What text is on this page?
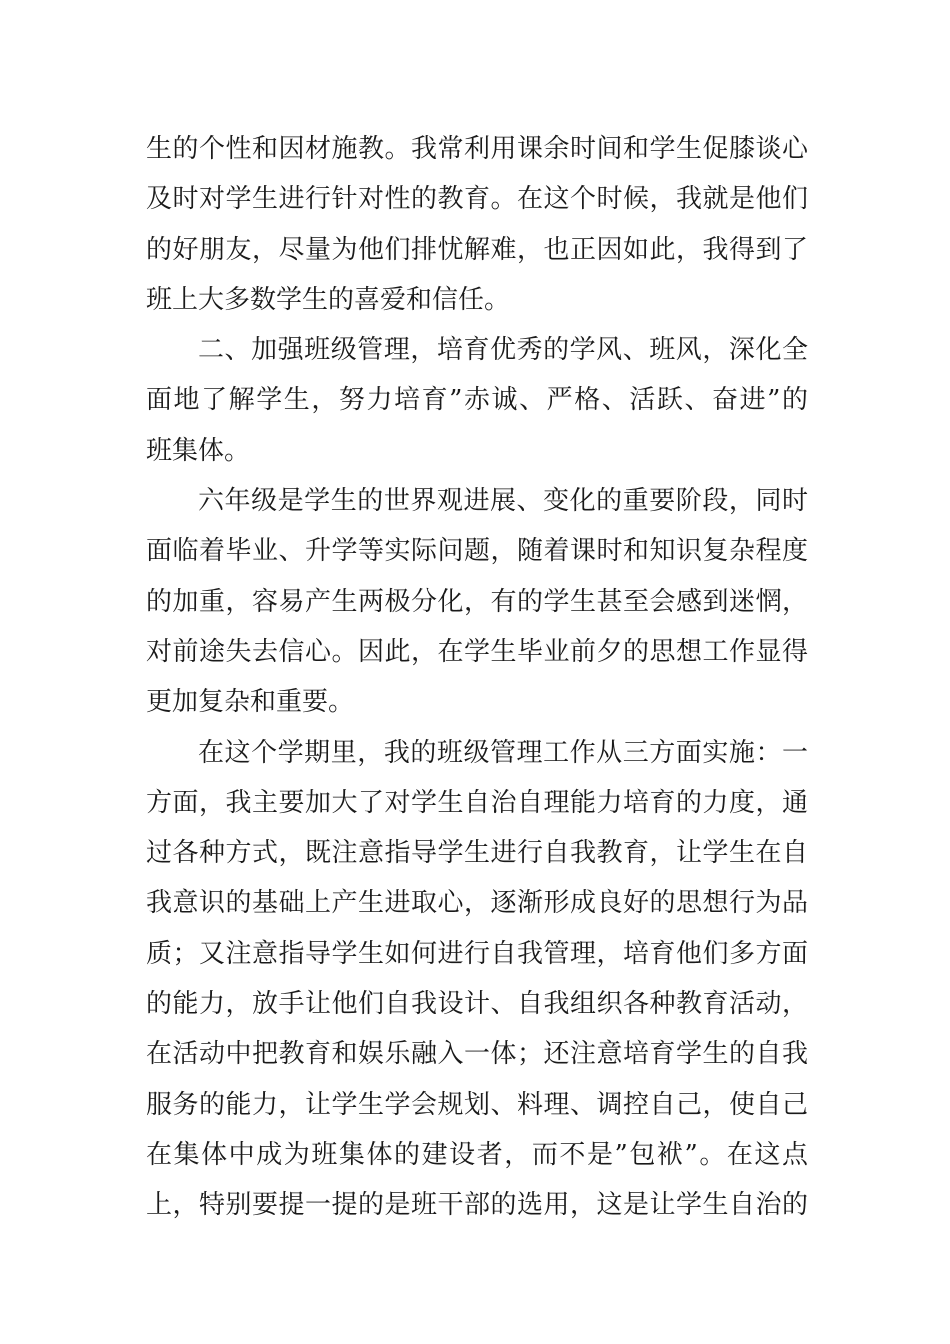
生的个性和因材施教。我常利用课余时间和学生促膝谈心
及时对学生进行针对性的教育。在这个时候，我就是他们
的好朋友，尽量为他们排忧解难，也正因如此，我得到了
班上大多数学生的喜爱和信任。
二、加强班级管理，培育优秀的学风、班风，深化全
面地了解学生，努力培育”赤诚、严格、活跃、奋进”的
班集体。
六年级是学生的世界观进展、变化的重要阶段，同时
面临着毕业、升学等实际问题，随着课时和知识复杂程度
的加重，容易产生两极分化，有的学生甚至会感到迷惘，
对前途失去信心。因此，在学生毕业前夕的思想工作显得
更加复杂和重要。
在这个学期里，我的班级管理工作从三方面实施：一
方面，我主要加大了对学生自治自理能力培育的力度，通
过各种方式，既注意指导学生进行自我教育，让学生在自
我意识的基础上产生进取心，逐渐形成良好的思想行为品
质；又注意指导学生如何进行自我管理，培育他们多方面
的能力，放手让他们自我设计、自我组织各种教育活动，
在活动中把教育和娱乐融入一体；还注意培育学生的自我
服务的能力，让学生学会规划、料理、调控自己，使自己
在集体中成为班集体的建设者，而不是”包袱”。在这点
上，特别要提一提的是班干部的选用，这是让学生自治的
